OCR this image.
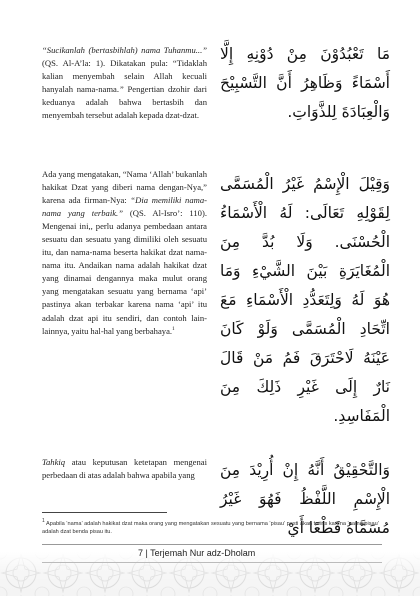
“Sucikanlah (bertasbihlah) nama Tuhanmu...” (QS. Al-A’la: 1). Dikatakan pula: “Tidaklah kalian menyembah selain Allah kecuali hanyalah nama-nama.” Pengertian dzohir dari keduanya adalah bahwa bertasbih dan menyembah tersebut adalah kepada dzat-dzat.

مَا تَعْبُدُوْنَ مِنْ دُوْنِهِ إِلَّا أَسْمَاءً وَظَاهِرُ أَنَّ التَّسْبِيْحَ وَالْعِبَادَةَ لِلذَّوَاتِ.

Ada yang mengatakan, “Nama ‘Allah’ bukanlah hakikat Dzat yang diberi nama dengan-Nya,” karena ada firman-Nya: “Dia memiliki nama-nama yang terbaik.” (QS. Al-Isro’: 110). Mengenai ini,, perlu adanya pembedaan antara sesuatu dan sesuatu yang dimiliki oleh sesuatu itu, dan nama-nama beserta hakikat dzat nama-nama itu. Andaikan nama adalah hakikat dzat yang dinamai dengannya maka mulut orang yang mengatakan sesuatu yang bernama ‘api’ pastinya akan terbakar karena nama ‘api’ itu adalah dzat api itu sendiri, dan contoh lain-lainnya, yaitu hal-hal yang berbahaya.$^1$

وَقِيْلَ الْإِسْمُ غَيْرُ الْمُسَمَّى لِقَوْلِهِ تَعَالَى: لَهُ الْأَسْمَاءُ الْحُسْنَى. وَلَا بُدَّ مِنَ الْمُغَايَرَةِ بَيْنَ الشَّيْءِ وَمَا هُوَ لَهُ وَلِتَعَدُّدِ الْأَسْمَاءِ مَعَ اتِّحَادِ الْمُسَمَّى وَلَوْ كَانَ عَيْنَهُ لَاحْتَرَقَ فَمُ مَنْ قَالَ نَارٌ إِلَى غَيْرِ ذَلِكَ مِنَ الْمَفَاسِدِ.

Tahkiq atau keputusan ketetapan mengenai perbedaan di atas adalah bahwa apabila yang	وَالتَّحْقِيْقُ أَنَّهُ إِنْ أُرِيْدَ مِنَ الْإِسْمِ اللَّفْظُ فَهُوَ غَيْرُ مُسَمَّاهُ قَطْعًا أَيْ

1 Apabila ‘nama’ adalah hakikat dzat maka orang yang mengatakan sesuatu yang bernama ‘pisau’ pasti akan teriris karena ‘nama pisau’ adalah dzat benda pisau itu.
7 | Terjemah Nur adz-Dholam
